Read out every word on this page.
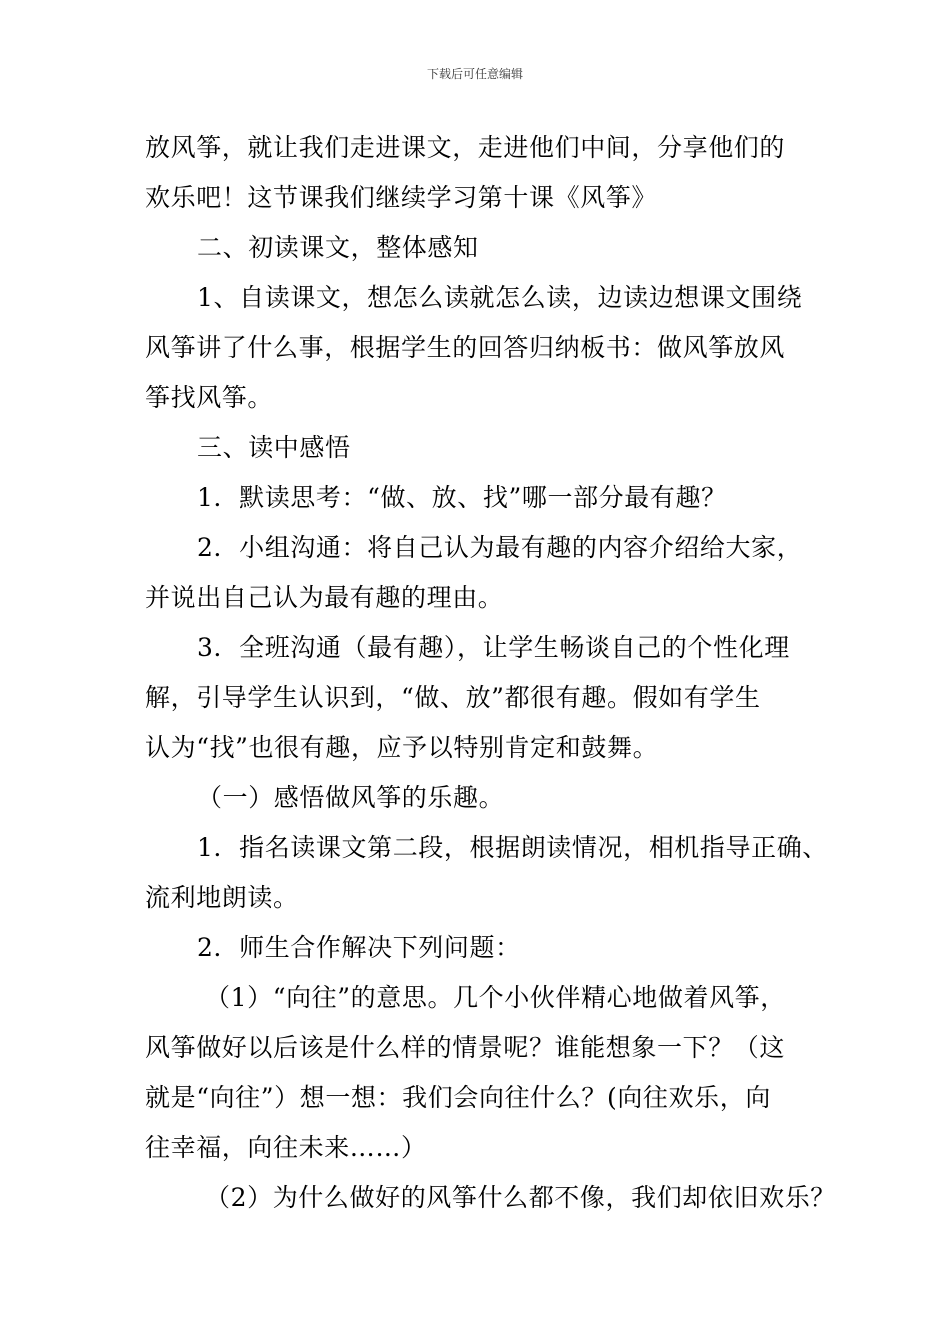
下载后可任意编辑
放风筝，就让我们走进课文，走进他们中间，分享他们的
欢乐吧！这节课我们继续学习第十课《风筝》
二、初读课文，整体感知
1、自读课文，想怎么读就怎么读，边读边想课文围绕
风筝讲了什么事，根据学生的回答归纳板书：做风筝放风
筝找风筝。
三、读中感悟
1．默读思考：“做、放、找”哪一部分最有趣？
2．小组沟通：将自己认为最有趣的内容介绍给大家，
并说出自己认为最有趣的理由。
3．全班沟通（最有趣），让学生畅谈自己的个性化理
解，引导学生认识到，“做、放”都很有趣。假如有学生
认为“找”也很有趣，应予以特别肯定和鼓舞。
（一）感悟做风筝的乐趣。
1．指名读课文第二段，根据朗读情况，相机指导正确、
流利地朗读。
2．师生合作解决下列问题：
（1）“向往”的意思。几个小伙伴精心地做着风筝，
风筝做好以后该是什么样的情景呢？谁能想象一下？（这
就是“向往”）想一想：我们会向往什么？(向往欢乐，向
往幸福，向往未来……）
（2）为什么做好的风筝什么都不像，我们却依旧欢乐？
